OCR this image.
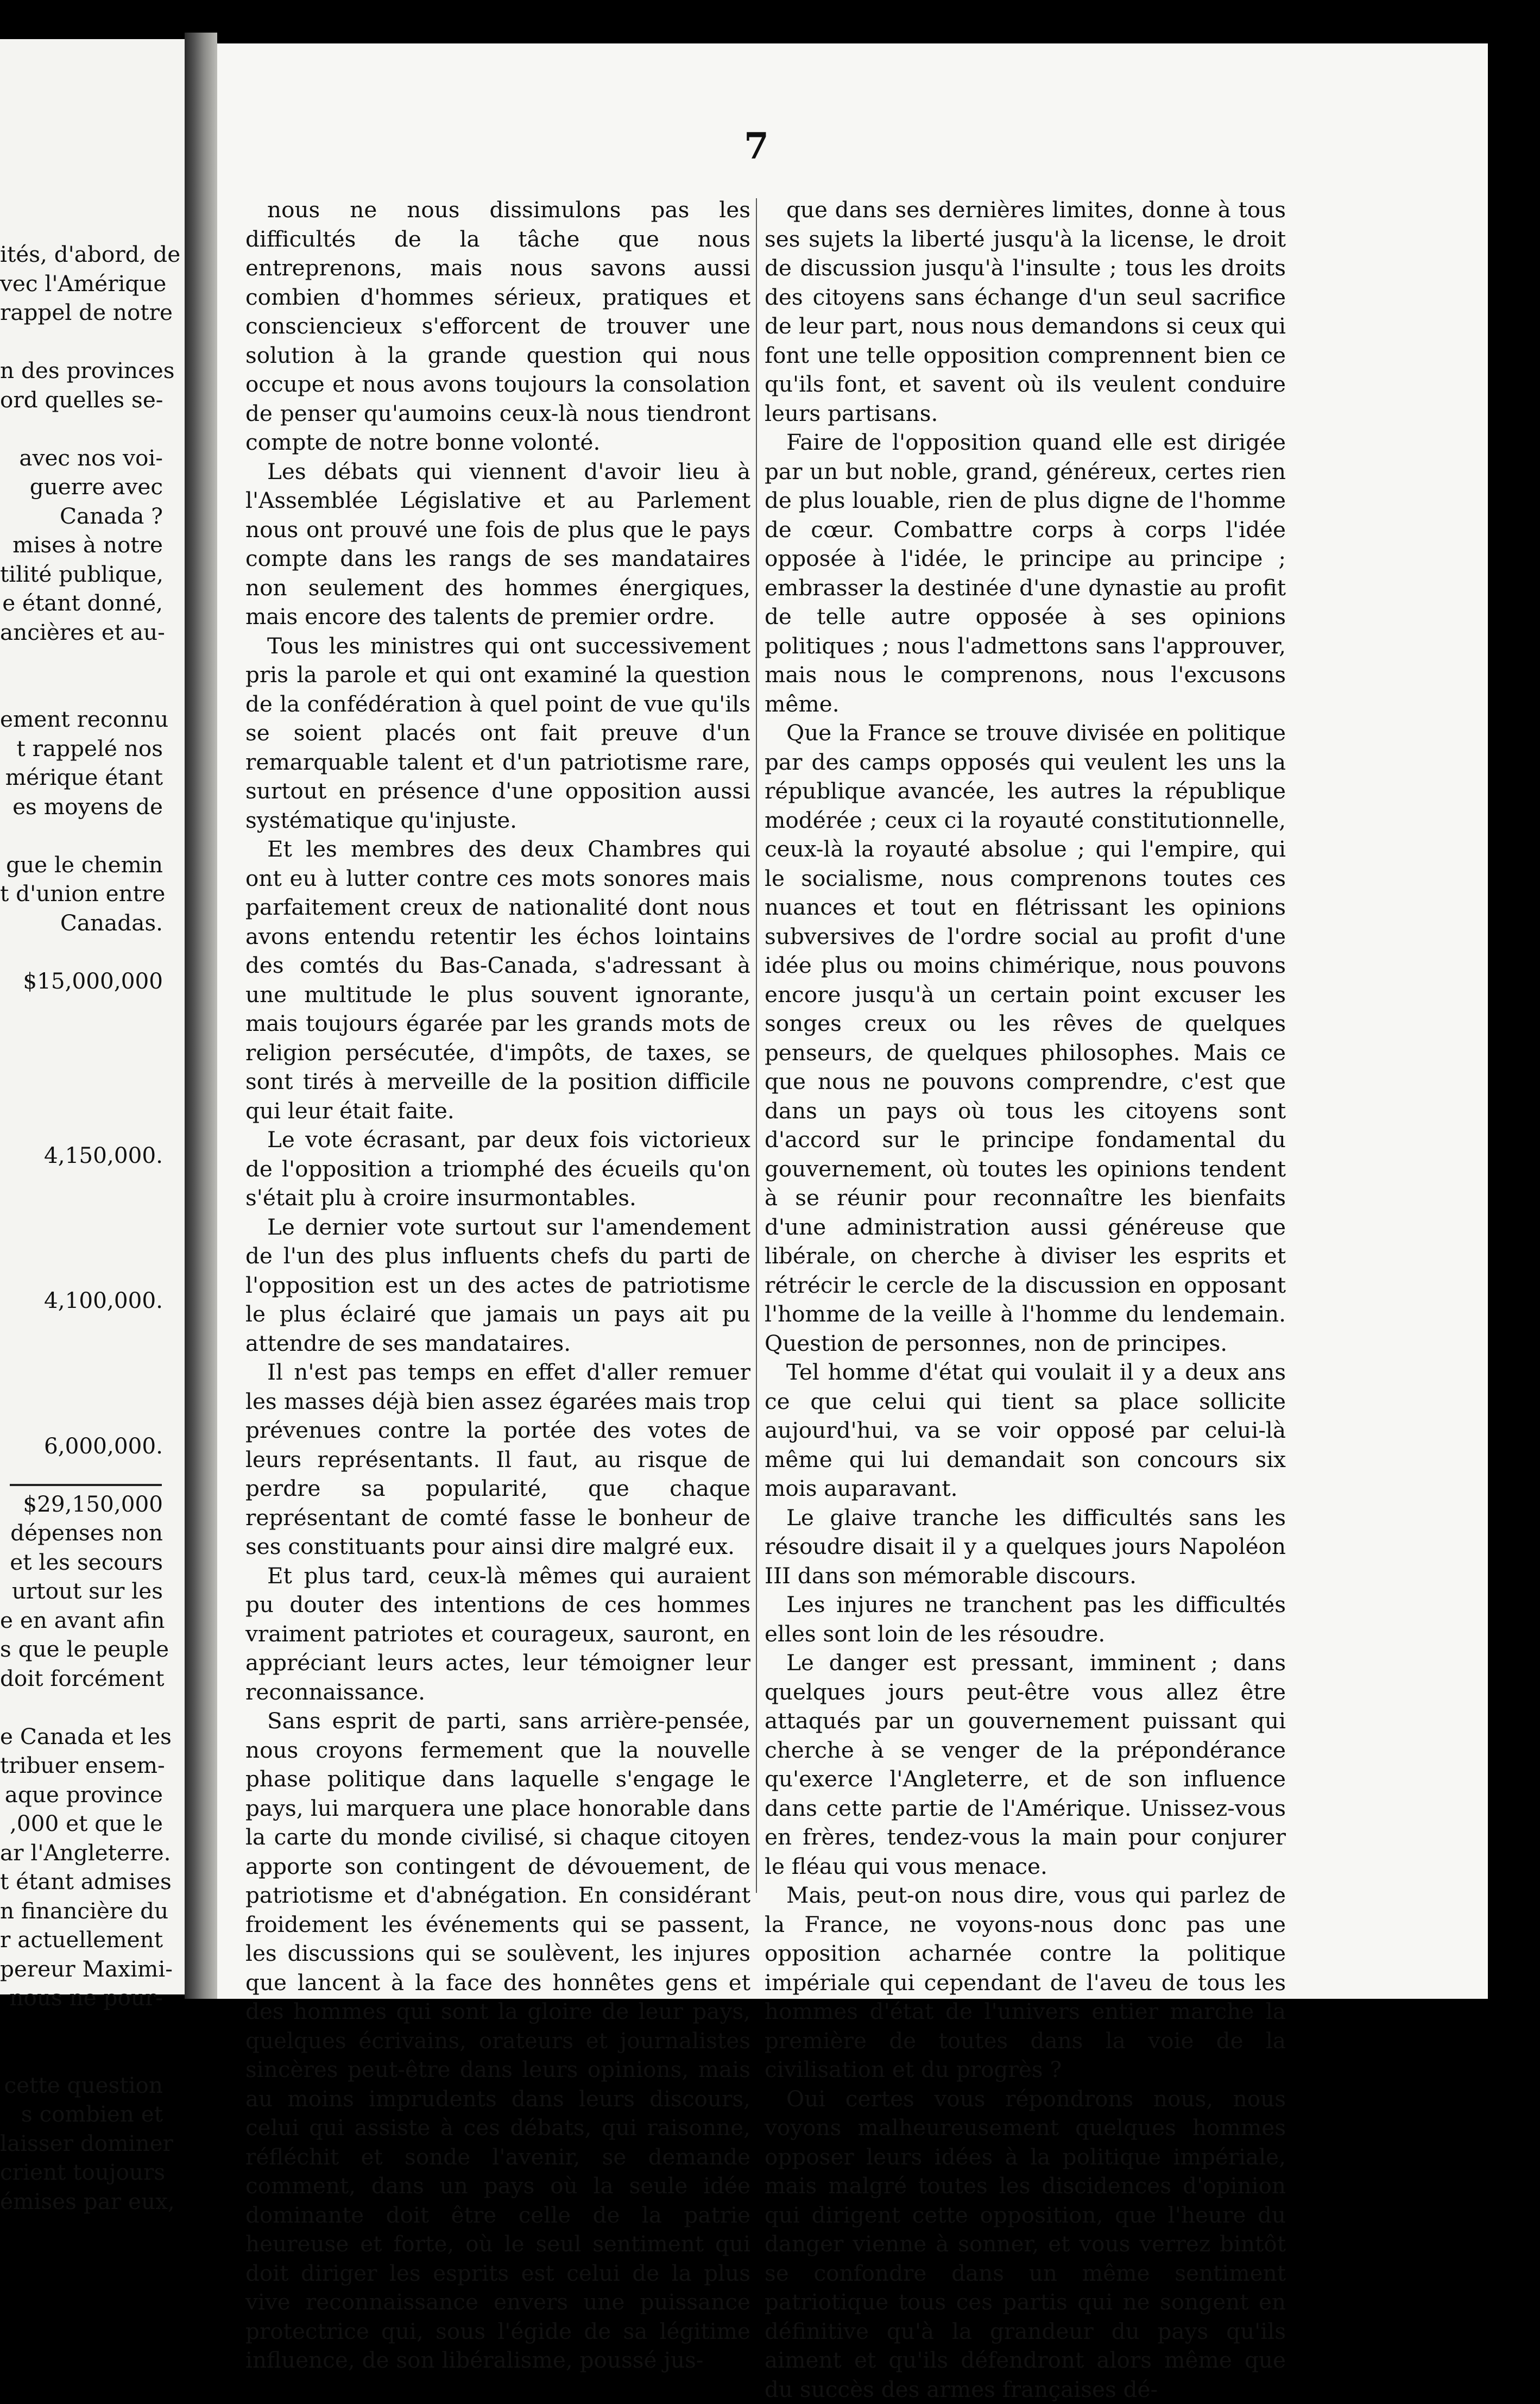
ités, d'abord, de
vec l'Amérique
rappel de notre
n des provinces
ord quelles se-
avec nos voi-
guerre avec
Canada ?
mises à notre
tilité publique,
e étant donné,
ancières et au-
ement reconnu
t rappelé nos
mérique étant
es moyens de
gue le chemin
t d'union entre
Canadas.
$15,000,000
4,150,000.
4,100,000.
6,000,000.
$29,150,000
dépenses non
et les secours
urtout sur les
e en avant afin
s que le peuple
doit forcément
e Canada et les
tribuer ensem-
aque province
,000 et que le
ar l'Angleterre.
t étant admises
n financière du
r actuellement
pereur Maximi-
nous ne pour-
cette question
s combien et
laisser dominer
crient toujours
émises par eux,
7

nous ne nous dissimulons pas les difficultés de la tâche que nous entreprenons, mais nous savons aussi combien d'hommes sérieux, pratiques et consciencieux s'efforcent de trouver une solution à la grande question qui nous occupe et nous avons toujours la consolation de penser qu'aumoins ceux-là nous tiendront compte de notre bonne volonté.

Les débats qui viennent d'avoir lieu à l'Assemblée Législative et au Parlement nous ont prouvé une fois de plus que le pays compte dans les rangs de ses mandataires non seulement des hommes énergiques, mais encore des talents de premier ordre.

Tous les ministres qui ont successivement pris la parole et qui ont examiné la question de la confédération à quel point de vue qu'ils se soient placés ont fait preuve d'un remarquable talent et d'un patriotisme rare, surtout en présence d'une opposition aussi systématique qu'injuste.

Et les membres des deux Chambres qui ont eu à lutter contre ces mots sonores mais parfaitement creux de nationalité dont nous avons entendu retentir les échos lointains des comtés du Bas-Canada, s'adressant à une multitude le plus souvent ignorante, mais toujours égarée par les grands mots de religion persécutée, d'impôts, de taxes, se sont tirés à merveille de la position difficile qui leur était faite.

Le vote écrasant, par deux fois victorieux de l'opposition a triomphé des écueils qu'on s'était plu à croire insurmontables.

Le dernier vote surtout sur l'amendement de l'un des plus influents chefs du parti de l'opposition est un des actes de patriotisme le plus éclairé que jamais un pays ait pu attendre de ses mandataires.

Il n'est pas temps en effet d'aller remuer les masses déjà bien assez égarées mais trop prévenues contre la portée des votes de leurs représentants. Il faut, au risque de perdre sa popularité, que chaque représentant de comté fasse le bonheur de ses constituants pour ainsi dire malgré eux.

Et plus tard, ceux-là mêmes qui auraient pu douter des intentions de ces hommes vraiment patriotes et courageux, sauront, en appréciant leurs actes, leur témoigner leur reconnaissance.

Sans esprit de parti, sans arrière-pensée, nous croyons fermement que la nouvelle phase politique dans laquelle s'engage le pays, lui marquera une place honorable dans la carte du monde civilisé, si chaque citoyen apporte son contingent de dévouement, de patriotisme et d'abnégation. En considérant froidement les événements qui se passent, les discussions qui se soulèvent, les injures que lancent à la face des honnêtes gens et des hommes qui sont la gloire de leur pays, quelques écrivains, orateurs et journalistes sincères peut-être dans leurs opinions, mais au moins imprudents dans leurs discours, celui qui assiste à ces débats, qui raisonne, réfléchit et sonde l'avenir, se demande comment, dans un pays où la seule idée dominante doit être celle de la patrie heureuse et forte, où le seul sentiment qui doit diriger les esprits est celui de la plus vive reconnaissance envers une puissance protectrice qui, sous l'égide de sa légitime influence, de son libéralisme, poussé jus-

que dans ses dernières limites, donne à tous ses sujets la liberté jusqu'à la license, le droit de discussion jusqu'à l'insulte ; tous les droits des citoyens sans échange d'un seul sacrifice de leur part, nous nous demandons si ceux qui font une telle opposition comprennent bien ce qu'ils font, et savent où ils veulent conduire leurs partisans.

Faire de l'opposition quand elle est dirigée par un but noble, grand, généreux, certes rien de plus louable, rien de plus digne de l'homme de cœur. Combattre corps à corps l'idée opposée à l'idée, le principe au principe ; embrasser la destinée d'une dynastie au profit de telle autre opposée à ses opinions politiques ; nous l'admettons sans l'approuver, mais nous le comprenons, nous l'excusons même.

Que la France se trouve divisée en politique par des camps opposés qui veulent les uns la république avancée, les autres la république modérée ; ceux ci la royauté constitutionnelle, ceux-là la royauté absolue ; qui l'empire, qui le socialisme, nous comprenons toutes ces nuances et tout en flétrissant les opinions subversives de l'ordre social au profit d'une idée plus ou moins chimérique, nous pouvons encore jusqu'à un certain point excuser les songes creux ou les rêves de quelques penseurs, de quelques philosophes. Mais ce que nous ne pouvons comprendre, c'est que dans un pays où tous les citoyens sont d'accord sur le principe fondamental du gouvernement, où toutes les opinions tendent à se réunir pour reconnaître les bienfaits d'une administration aussi généreuse que libérale, on cherche à diviser les esprits et rétrécir le cercle de la discussion en opposant l'homme de la veille à l'homme du lendemain. Question de personnes, non de principes.

Tel homme d'état qui voulait il y a deux ans ce que celui qui tient sa place sollicite aujourd'hui, va se voir opposé par celui-là même qui lui demandait son concours six mois auparavant.

Le glaive tranche les difficultés sans les résoudre disait il y a quelques jours Napoléon III dans son mémorable discours.

Les injures ne tranchent pas les difficultés elles sont loin de les résoudre.

Le danger est pressant, imminent ; dans quelques jours peut-être vous allez être attaqués par un gouvernement puissant qui cherche à se venger de la prépondérance qu'exerce l'Angleterre, et de son influence dans cette partie de l'Amérique. Unissez-vous en frères, tendez-vous la main pour conjurer le fléau qui vous menace.

Mais, peut-on nous dire, vous qui parlez de la France, ne voyons-nous donc pas une opposition acharnée contre la politique impériale qui cependant de l'aveu de tous les hommes d'état de l'univers entier marche la première de toutes dans la voie de la civilisation et du progrès ?

Oui certes vous répondrons nous, nous voyons malheureusement quelques hommes opposer leurs idées à la politique impériale, mais malgré toutes les discidences d'opinion qui dirigent cette opposition, que l'heure du danger vienne à sonner, et vous verrez bintôt se confondre dans un même sentiment patriotique tous ces partis qui ne songent en définitive qu'à la grandeur du pays qu'ils aiment et qu'ils défendront alors même que du succès des armes françaises dé-
